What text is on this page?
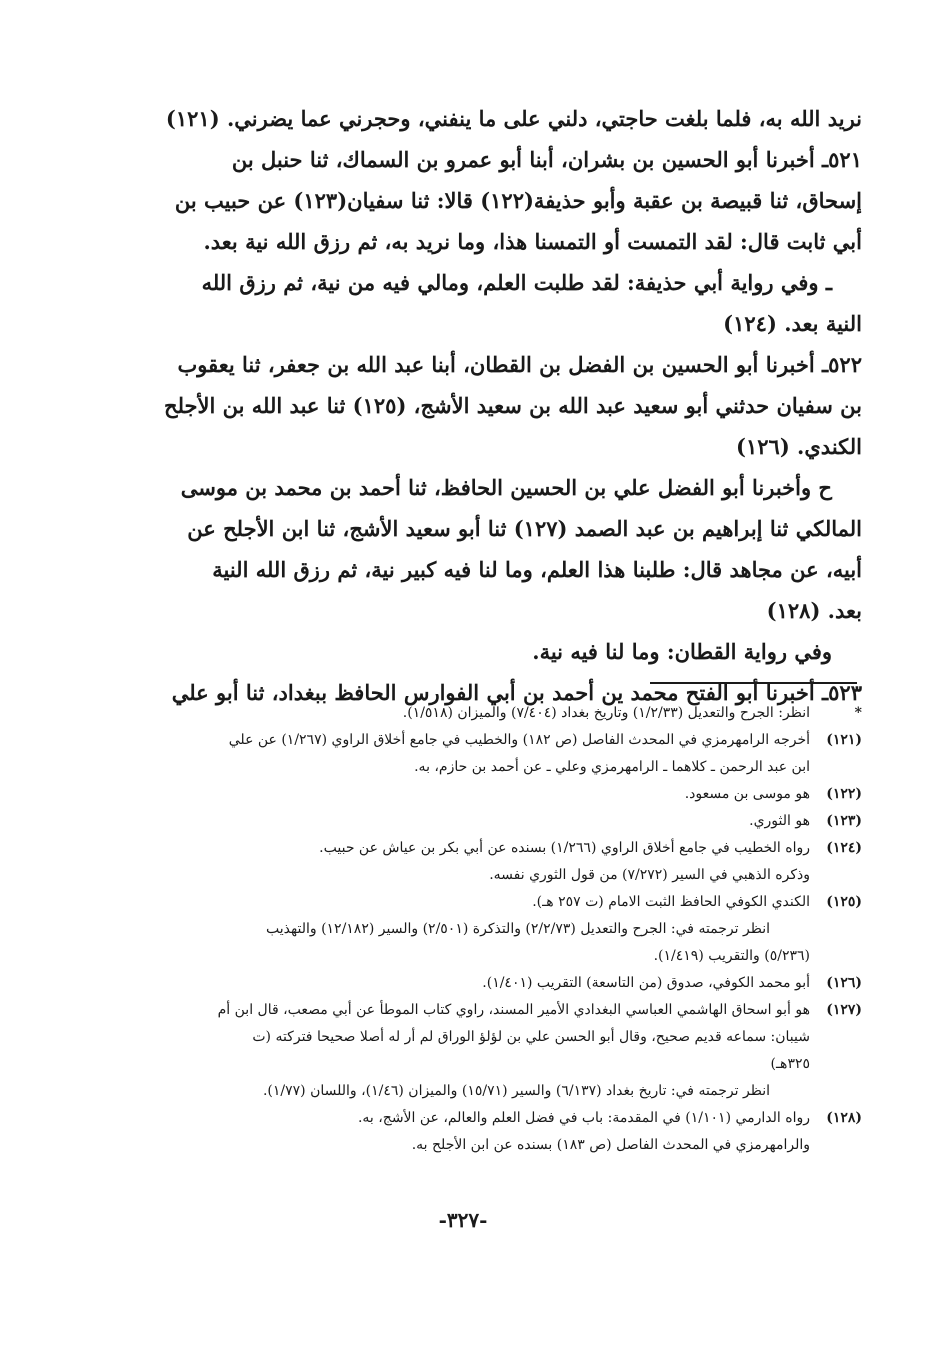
نريد الله به، فلما بلغت حاجتي، دلني على ما ينفني، وحجرني عما يضرني. (١٢١)
٥٢١ـ أخبرنا أبو الحسين بن بشران، أبنا أبو عمرو بن السماك، ثنا حنبل بن
إسحاق، ثنا قبيصة بن عقبة وأبو حذيفة(١٢٢) قالا: ثنا سفيان(١٢٣) عن حبيب بن
أبي ثابت قال: لقد التمست أو التمسنا هذا، وما نريد به، ثم رزق الله نية بعد.
ـ وفي رواية أبي حذيفة: لقد طلبت العلم، ومالي فيه من نية، ثم رزق الله
النية بعد. (١٢٤)
٥٢٢ـ أخبرنا أبو الحسين بن الفضل بن القطان، أبنا عبد الله بن جعفر، ثنا يعقوب
بن سفيان حدثني أبو سعيد عبد الله بن سعيد الأشج، (١٢٥) ثنا عبد الله بن الأجلح
الكندي. (١٢٦)
ح وأخبرنا أبو الفضل علي بن الحسين الحافظ، ثنا أحمد بن محمد بن موسى
المالكي ثنا إبراهيم بن عبد الصمد (١٢٧) ثنا أبو سعيد الأشج، ثنا ابن الأجلح عن
أبيه، عن مجاهد قال: طلبنا هذا العلم، وما لنا فيه كبير نية، ثم رزق الله النية
بعد. (١٢٨)
وفي رواية القطان: وما لنا فيه نية.
٥٢٣ـ أخبرنا أبو الفتح محمد ين أحمد بن أبي الفوارس الحافظ ببغداد، ثنا أبو علي
*
انظر: الجرح والتعديل (١/٢/٣٣) وتاريخ بغداد (٧/٤٠٤) والميزان (١/٥١٨).
(١٢١)
أخرجه الرامهرمزي في المحدث الفاصل (ص ١٨٢) والخطيب في جامع أخلاق الراوي (١/٢٦٧) عن علي
ابن عبد الرحمن ـ كلاهما ـ الرامهرمزي وعلي ـ عن أحمد بن حازم، به.
(١٢٢)
هو موسى بن مسعود.
(١٢٣)
هو الثوري.
(١٢٤)
رواه الخطيب في جامع أخلاق الراوي (١/٢٦٦) بسنده عن أبي بكر بن عياش عن حبيب.
وذكره الذهبي في السير (٧/٢٧٢) من قول الثوري نفسه.
(١٢٥)
الكندي الكوفي الحافظ الثبت الامام (ت ٢٥٧ هـ).
انظر ترجمته في: الجرح والتعديل (٢/٢/٧٣) والتذكرة (٢/٥٠١) والسير (١٢/١٨٢) والتهذيب
(٥/٢٣٦) والتقريب (١/٤١٩).
(١٢٦)
أبو محمد الكوفي، صدوق (من التاسعة) التقريب (١/٤٠١).
(١٢٧)
هو أبو اسحاق الهاشمي العباسي البغدادي الأمير المسند، راوي كتاب الموطأ عن أبي مصعب، قال ابن أم
شيبان: سماعه قديم صحيح، وقال أبو الحسن علي بن لؤلؤ الوراق لم أر له أصلا صحيحا فتركته (ت
٣٢٥هـ)
انظر ترجمته في: تاريخ بغداد (٦/١٣٧) والسير (١٥/٧١) والميزان (١/٤٦)، واللسان (١/٧٧).
(١٢٨)
رواه الدارمي (١/١٠١) في المقدمة: باب في فضل العلم والعالم، عن الأشج، به.
والرامهرمزي في المحدث الفاصل (ص ١٨٣) بسنده عن ابن الأجلح به.
-٣٢٧-
